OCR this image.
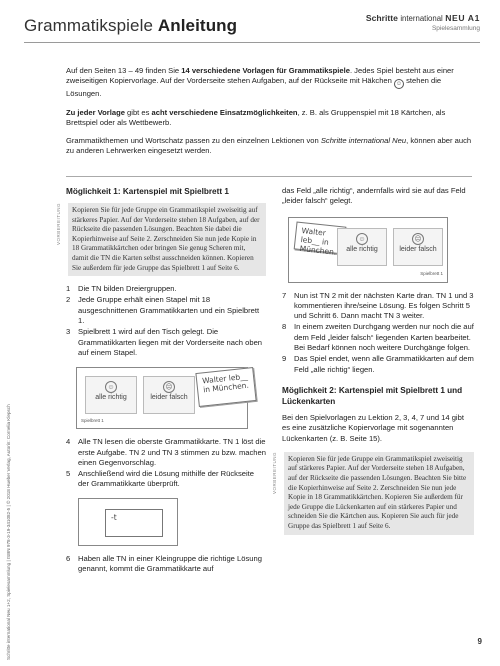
Grammatikspiele Anleitung	Schritte international NEU A1
Spielesammlung
Schritte international Neu 1+2, Spielesammlung | ISBN 978-3-19-341082-5 | © 2018 Hueber Verlag, Autorin: Cornelia Klepsch

Auf den Seiten 13 – 49 finden Sie 14 verschiedene Vorlagen für Grammatikspiele. Jedes Spiel besteht aus einer zweiseitigen Kopiervorlage. Auf der Vorderseite stehen Aufgaben, auf der Rückseite mit Häkchen ☺ stehen die Lösungen.

Zu jeder Vorlage gibt es acht verschiedene Einsatzmöglichkeiten, z. B. als Gruppenspiel mit 18 Kärtchen, als Brettspiel oder als Wettbewerb.

Grammatikthemen und Wortschatz passen zu den einzelnen Lektionen von Schritte international Neu, können aber auch zu anderen Lehrwerken eingesetzt werden.

Möglichkeit 1: Kartenspiel mit Spielbrett 1
VORBEREITUNG	Kopieren Sie für jede Gruppe ein Grammatikspiel zweiseitig auf stärkeres Papier. Auf der Vorderseite stehen 18 Aufgaben, auf der Rückseite die passenden Lösungen. Beachten Sie dabei die Kopierhinweise auf Seite 2. Zerschneiden Sie nun jede Kopie in 18 Grammatikkärtchen oder bringen Sie genug Scheren mit, damit die TN die Karten selbst ausschneiden können. Kopieren Sie außerdem für jede Gruppe das Spielbrett 1 auf Seite 6.
1 Die TN bilden Dreiergruppen.
2 Jede Gruppe erhält einen Stapel mit 18 ausgeschnittenen Grammatikkarten und ein Spielbrett 1.
3 Spielbrett 1 wird auf den Tisch gelegt. Die Grammatikkarten liegen mit der Vorderseite nach oben auf einem Stapel.
☺
alle richtig
☹
leider falsch
Walter leb__ in München.
Spielbrett 1
4 Alle TN lesen die oberste Grammatikkarte. TN 1 löst die erste Aufgabe. TN 2 und TN 3 stimmen zu bzw. machen einen Gegenvorschlag.
5 Anschließend wird die Lösung mithilfe der Rückseite der Grammatikkarte überprüft.
-t
6 Haben alle TN in einer Kleingruppe die richtige Lösung genannt, kommt die Grammatikkarte auf
das Feld „alle richtig“, andernfalls wird sie auf das Feld „leider falsch“ gelegt.
Walter leb__ in München.
☺
alle richtig
☹
leider falsch
Spielbrett 1
7 Nun ist TN 2 mit der nächsten Karte dran. TN 1 und 3 kommentieren ihre/seine Lösung. Es folgen Schritt 5 und Schritt 6. Dann macht TN 3 weiter.
8 In einem zweiten Durchgang werden nur noch die auf dem Feld „leider falsch“ liegenden Karten bearbeitet. Bei Bedarf können noch weitere Durchgänge folgen.
9 Das Spiel endet, wenn alle Grammatikkarten auf dem Feld „alle richtig“ liegen.
Möglichkeit 2: Kartenspiel mit Spielbrett 1 und Lückenkarten
Bei den Spielvorlagen zu Lektion 2, 3, 4, 7 und 14 gibt es eine zusätzliche Kopiervorlage mit sogenannten Lückenkarten (z. B. Seite 15).
VORBEREITUNG	Kopieren Sie für jede Gruppe ein Grammatikspiel zweiseitig auf stärkeres Papier. Auf der Vorderseite stehen 18 Aufgaben, auf der Rückseite die passenden Lösungen. Beachten Sie bitte die Kopierhinweise auf Seite 2. Zerschneiden Sie nun jede Kopie in 18 Grammatikkärtchen. Kopieren Sie außerdem für jede Gruppe die Lückenkarten auf ein stärkeres Papier und schneiden Sie die Kärtchen aus. Kopieren Sie auch für jede Gruppe das Spielbrett 1 auf Seite 6.
9
